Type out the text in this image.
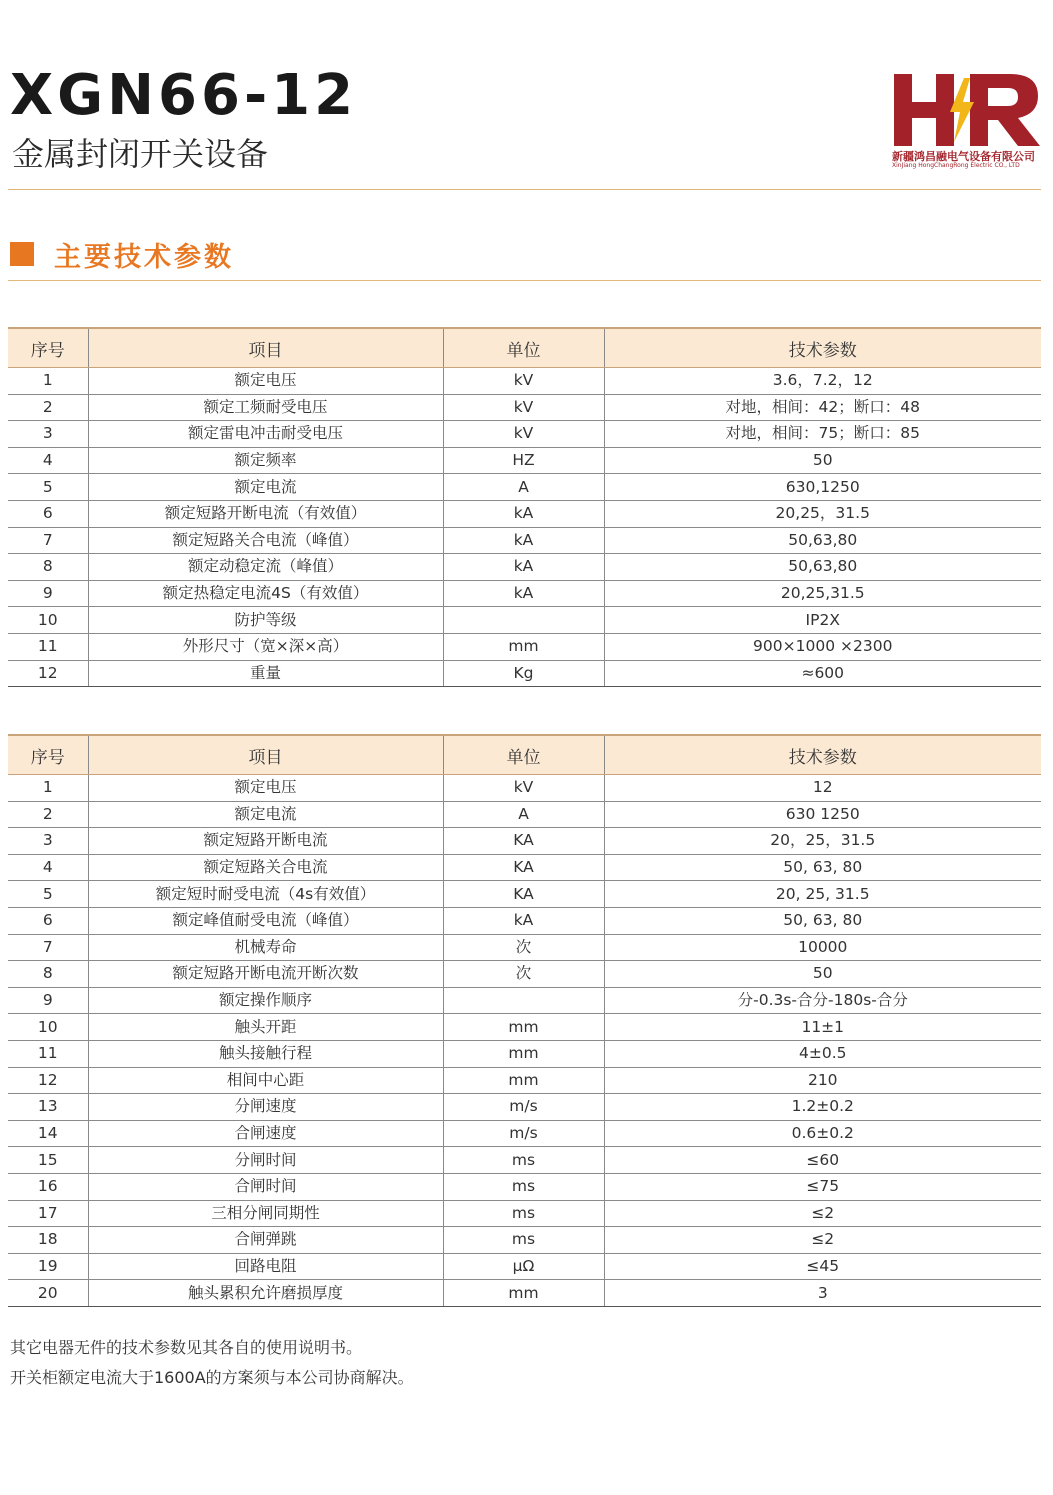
XGN66-12
金属封闭开关设备	新疆鸿昌融电气设备有限公司
XinJiang HongChangRong Electric CO., LTD
主要技术参数
序号	项目	单位	技术参数
1	额定电压	kV	3.6，7.2，12
2	额定工频耐受电压	kV	对地，相间：42；断口：48
3	额定雷电冲击耐受电压	kV	对地，相间：75；断口：85
4	额定频率	HZ	50
5	额定电流	A	630,1250
6	额定短路开断电流（有效值）	kA	20,25，31.5
7	额定短路关合电流（峰值）	kA	50,63,80
8	额定动稳定流（峰值）	kA	50,63,80
9	额定热稳定电流4S（有效值）	kA	20,25,31.5
10	防护等级		IP2X
11	外形尺寸（宽×深×高）	mm	900×1000 ×2300
12	重量	Kg	≈600
序号	项目	单位	技术参数
1	额定电压	kV	12
2	额定电流	A	630 1250
3	额定短路开断电流	KA	20，25，31.5
4	额定短路关合电流	KA	50, 63, 80
5	额定短时耐受电流（4s有效值）	KA	20, 25, 31.5
6	额定峰值耐受电流（峰值）	kA	50, 63, 80
7	机械寿命	次	10000
8	额定短路开断电流开断次数	次	50
9	额定操作顺序		分-0.3s-合分-180s-合分
10	触头开距	mm	11±1
11	触头接触行程	mm	4±0.5
12	相间中心距	mm	210
13	分闸速度	m/s	1.2±0.2
14	合闸速度	m/s	0.6±0.2
15	分闸时间	ms	≤60
16	合闸时间	ms	≤75
17	三相分闸同期性	ms	≤2
18	合闸弹跳	ms	≤2
19	回路电阻	μΩ	≤45
20	触头累积允许磨损厚度	mm	3
其它电器无件的技术参数见其各自的使用说明书。
开关柜额定电流大于1600A的方案须与本公司协商解决。
